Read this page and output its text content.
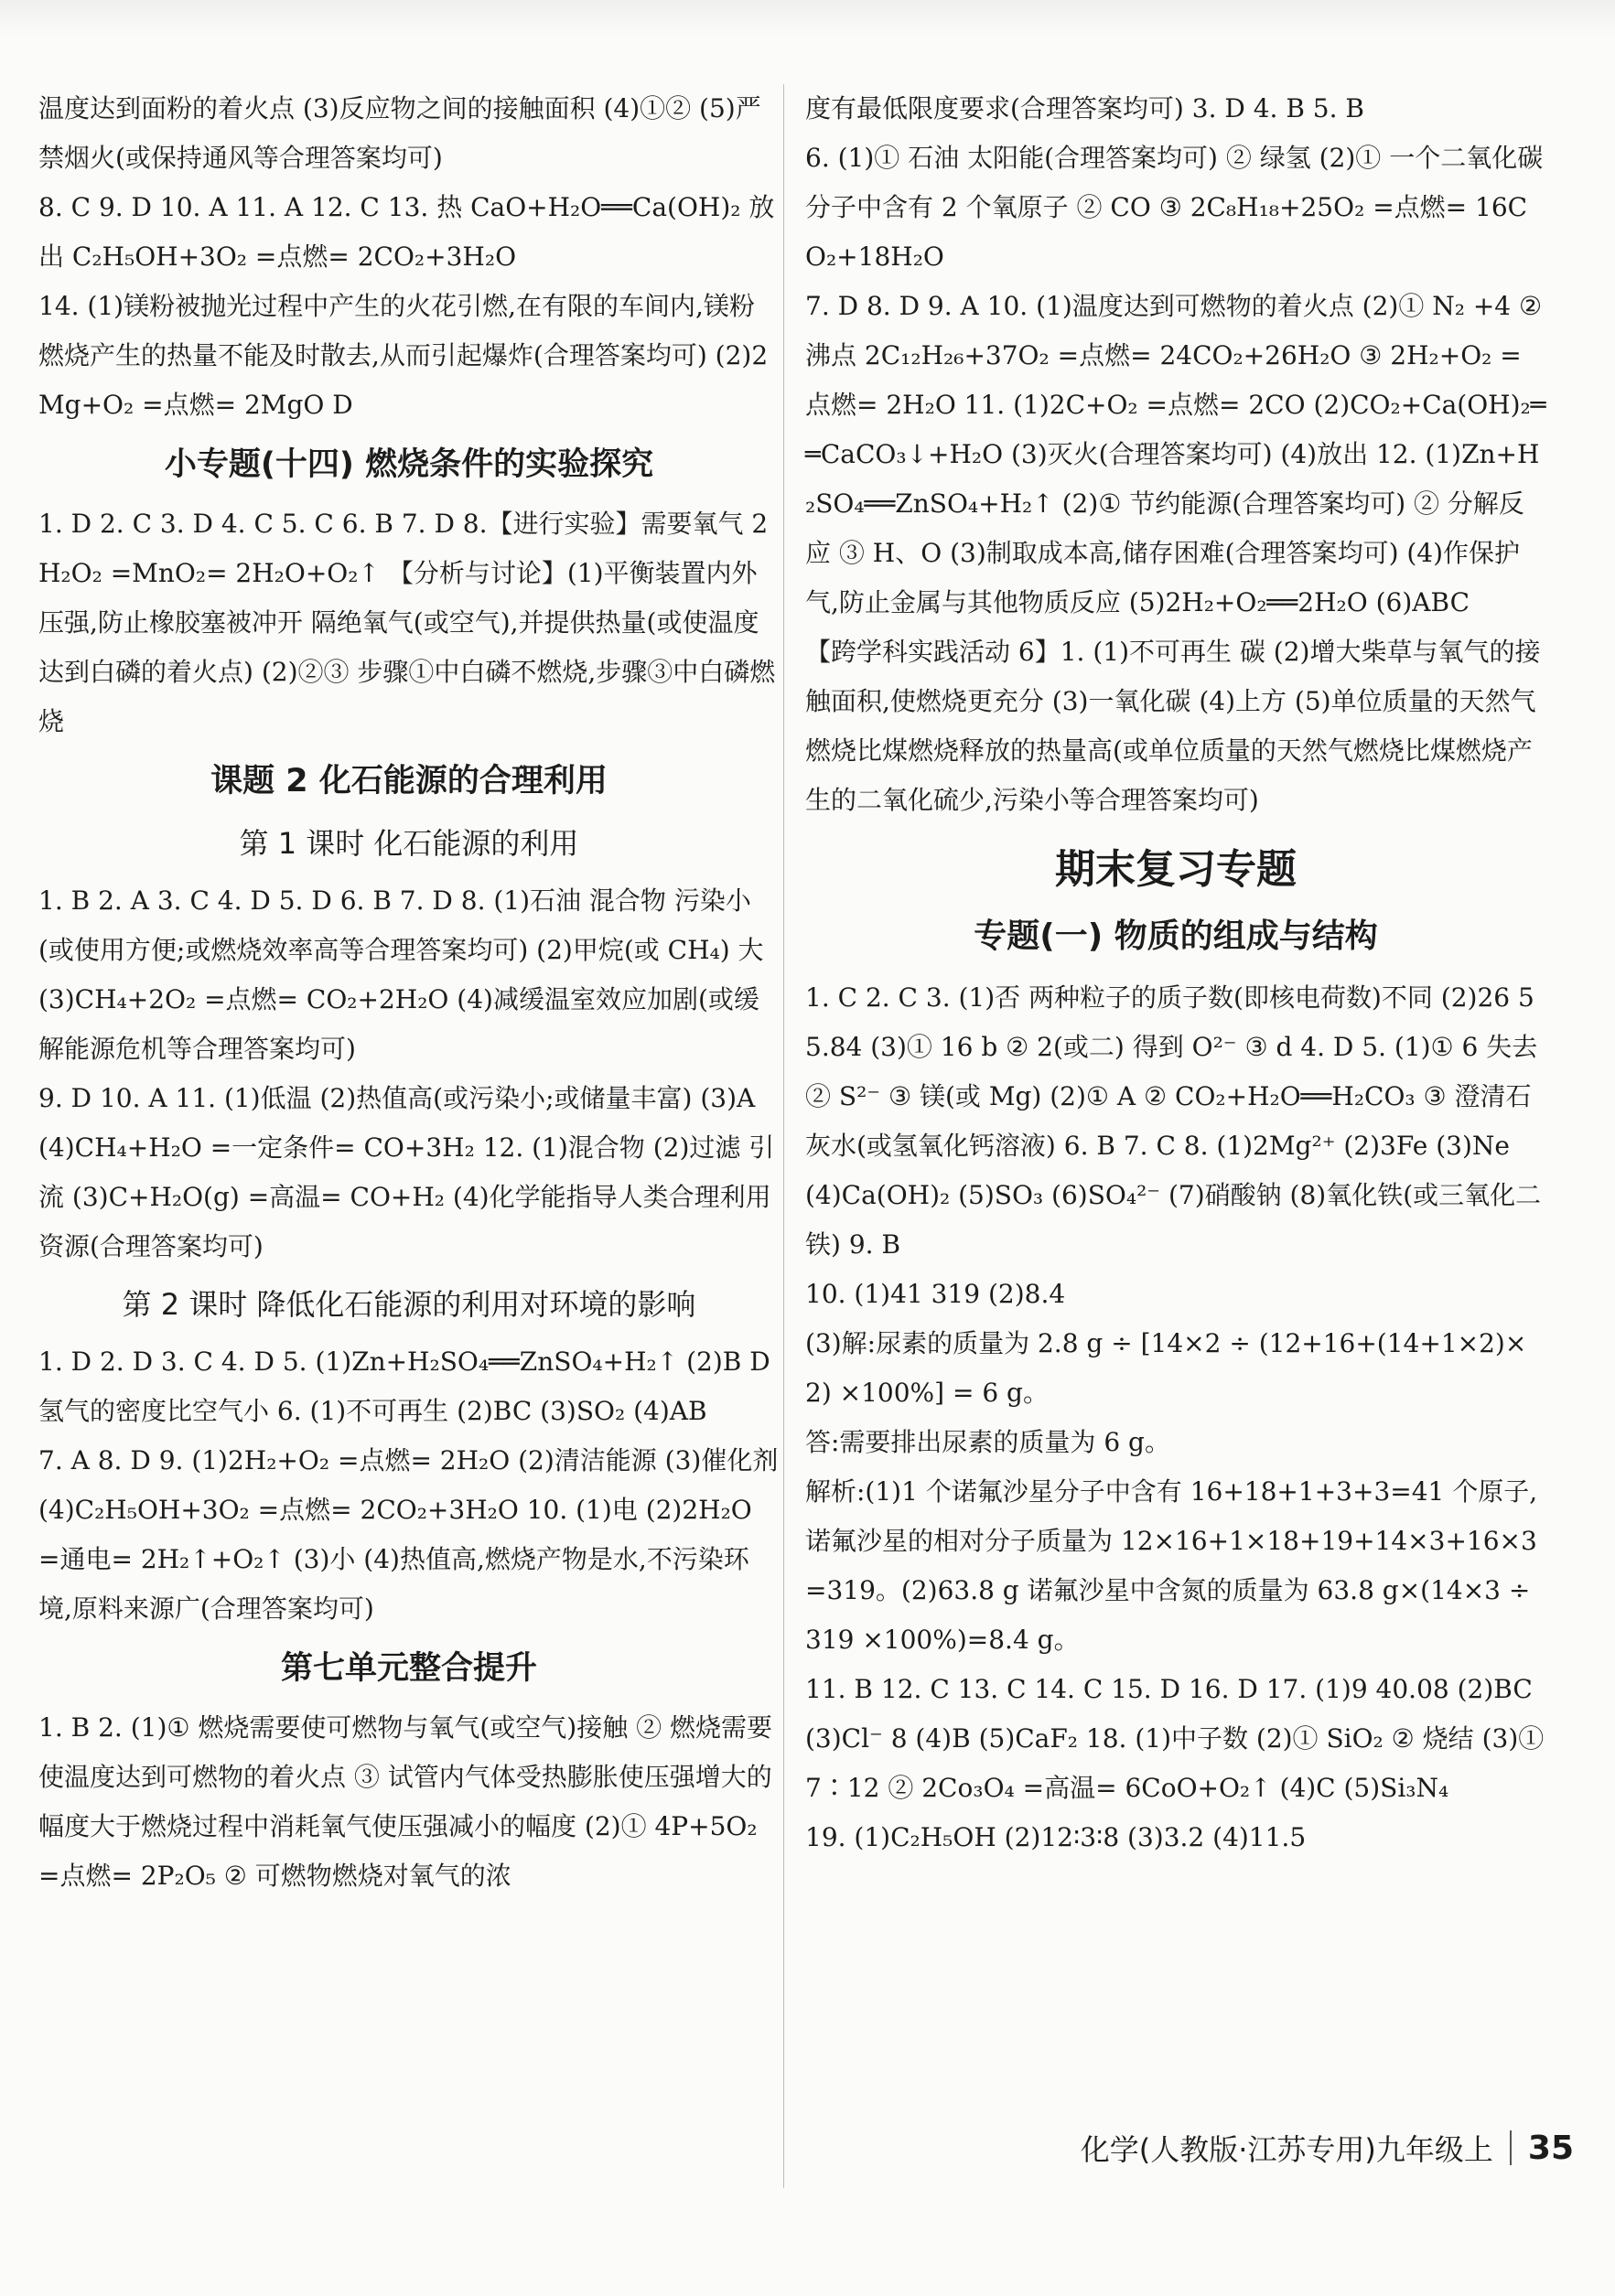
温度达到面粉的着火点 (3)反应物之间的接触面积 (4)①② (5)严禁烟火(或保持通风等合理答案均可)

8. C 9. D 10. A 11. A 12. C 13. 热 CaO+H₂O══Ca(OH)₂ 放出 C₂H₅OH+3O₂ =点燃= 2CO₂+3H₂O

14. (1)镁粉被抛光过程中产生的火花引燃,在有限的车间内,镁粉燃烧产生的热量不能及时散去,从而引起爆炸(合理答案均可) (2)2Mg+O₂ =点燃= 2MgO D

小专题(十四) 燃烧条件的实验探究

1. D 2. C 3. D 4. C 5. C 6. B 7. D 8.【进行实验】需要氧气 2H₂O₂ =MnO₂= 2H₂O+O₂↑ 【分析与讨论】(1)平衡装置内外压强,防止橡胶塞被冲开 隔绝氧气(或空气),并提供热量(或使温度达到白磷的着火点) (2)②③ 步骤①中白磷不燃烧,步骤③中白磷燃烧

课题 2 化石能源的合理利用
第 1 课时 化石能源的利用

1. B 2. A 3. C 4. D 5. D 6. B 7. D 8. (1)石油 混合物 污染小(或使用方便;或燃烧效率高等合理答案均可) (2)甲烷(或 CH₄) 大 (3)CH₄+2O₂ =点燃= CO₂+2H₂O (4)减缓温室效应加剧(或缓解能源危机等合理答案均可)

9. D 10. A 11. (1)低温 (2)热值高(或污染小;或储量丰富) (3)A (4)CH₄+H₂O =一定条件= CO+3H₂ 12. (1)混合物 (2)过滤 引流 (3)C+H₂O(g) =高温= CO+H₂ (4)化学能指导人类合理利用资源(合理答案均可)

第 2 课时 降低化石能源的利用对环境的影响

1. D 2. D 3. C 4. D 5. (1)Zn+H₂SO₄══ZnSO₄+H₂↑ (2)B D 氢气的密度比空气小 6. (1)不可再生 (2)BC (3)SO₂ (4)AB

7. A 8. D 9. (1)2H₂+O₂ =点燃= 2H₂O (2)清洁能源 (3)催化剂 (4)C₂H₅OH+3O₂ =点燃= 2CO₂+3H₂O 10. (1)电 (2)2H₂O =通电= 2H₂↑+O₂↑ (3)小 (4)热值高,燃烧产物是水,不污染环境,原料来源广(合理答案均可)

第七单元整合提升

1. B 2. (1)① 燃烧需要使可燃物与氧气(或空气)接触 ② 燃烧需要使温度达到可燃物的着火点 ③ 试管内气体受热膨胀使压强增大的幅度大于燃烧过程中消耗氧气使压强减小的幅度 (2)① 4P+5O₂ =点燃= 2P₂O₅ ② 可燃物燃烧对氧气的浓

度有最低限度要求(合理答案均可) 3. D 4. B 5. B

6. (1)① 石油 太阳能(合理答案均可) ② 绿氢 (2)① 一个二氧化碳分子中含有 2 个氧原子 ② CO ③ 2C₈H₁₈+25O₂ =点燃= 16CO₂+18H₂O

7. D 8. D 9. A 10. (1)温度达到可燃物的着火点 (2)① N₂ +4 ② 沸点 2C₁₂H₂₆+37O₂ =点燃= 24CO₂+26H₂O ③ 2H₂+O₂ =点燃= 2H₂O 11. (1)2C+O₂ =点燃= 2CO (2)CO₂+Ca(OH)₂══CaCO₃↓+H₂O (3)灭火(合理答案均可) (4)放出 12. (1)Zn+H₂SO₄══ZnSO₄+H₂↑ (2)① 节约能源(合理答案均可) ② 分解反应 ③ H、O (3)制取成本高,储存困难(合理答案均可) (4)作保护气,防止金属与其他物质反应 (5)2H₂+O₂══2H₂O (6)ABC

【跨学科实践活动 6】1. (1)不可再生 碳 (2)增大柴草与氧气的接触面积,使燃烧更充分 (3)一氧化碳 (4)上方 (5)单位质量的天然气燃烧比煤燃烧释放的热量高(或单位质量的天然气燃烧比煤燃烧产生的二氧化硫少,污染小等合理答案均可)

期末复习专题
专题(一) 物质的组成与结构

1. C 2. C 3. (1)否 两种粒子的质子数(即核电荷数)不同 (2)26 55.84 (3)① 16 b ② 2(或二) 得到 O²⁻ ③ d 4. D 5. (1)① 6 失去 ② S²⁻ ③ 镁(或 Mg) (2)① A ② CO₂+H₂O══H₂CO₃ ③ 澄清石灰水(或氢氧化钙溶液) 6. B 7. C 8. (1)2Mg²⁺ (2)3Fe (3)Ne (4)Ca(OH)₂ (5)SO₃ (6)SO₄²⁻ (7)硝酸钠 (8)氧化铁(或三氧化二铁) 9. B

10. (1)41 319 (2)8.4

(3)解:尿素的质量为 2.8 g ÷ [14×2 ÷ (12+16+(14+1×2)×2) ×100%] = 6 g。

答:需要排出尿素的质量为 6 g。

解析:(1)1 个诺氟沙星分子中含有 16+18+1+3+3=41 个原子,诺氟沙星的相对分子质量为 12×16+1×18+19+14×3+16×3=319。(2)63.8 g 诺氟沙星中含氮的质量为 63.8 g×(14×3 ÷ 319 ×100%)=8.4 g。

11. B 12. C 13. C 14. C 15. D 16. D 17. (1)9 40.08 (2)BC (3)Cl⁻ 8 (4)B (5)CaF₂ 18. (1)中子数 (2)① SiO₂ ② 烧结 (3)① 7∶12 ② 2Co₃O₄ =高温= 6CoO+O₂↑ (4)C (5)Si₃N₄

19. (1)C₂H₅OH (2)12∶3∶8 (3)3.2 (4)11.5

化学(人教版·江苏专用)九年级上 35
